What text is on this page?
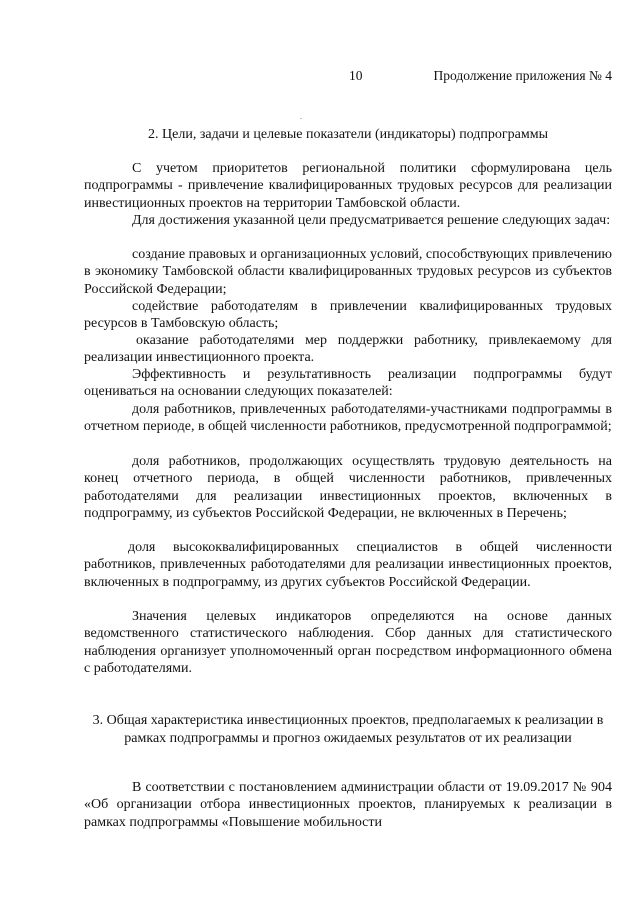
10	Продолжение приложения № 4
.
2. Цели, задачи и целевые показатели (индикаторы) подпрограммы
С учетом приоритетов региональной политики сформулирована цель подпрограммы - привлечение квалифицированных трудовых ресурсов для реализации инвестиционных проектов на территории Тамбовской области.
Для достижения указанной цели предусматривается решение следующих задач:
создание правовых и организационных условий, способствующих привлечению в экономику Тамбовской области квалифицированных трудовых ресурсов из субъектов Российской Федерации;
содействие работодателям в привлечении квалифицированных трудовых ресурсов в Тамбовскую область;
оказание работодателями мер поддержки работнику, привлекаемому для реализации инвестиционного проекта.
Эффективность и результативность реализации подпрограммы будут оцениваться на основании следующих показателей:
доля работников, привлеченных работодателями-участниками подпрограммы в отчетном периоде, в общей численности работников, предусмотренной подпрограммой;
доля работников, продолжающих осуществлять трудовую деятельность на конец отчетного периода, в общей численности работников, привлеченных работодателями для реализации инвестиционных проектов, включенных в подпрограмму, из субъектов Российской Федерации, не включенных в Перечень;
доля высококвалифицированных специалистов в общей численности работников, привлеченных работодателями для реализации инвестиционных проектов, включенных в подпрограмму, из других субъектов Российской Федерации.
Значения целевых индикаторов определяются на основе данных ведомственного статистического наблюдения. Сбор данных для статистического наблюдения организует уполномоченный орган посредством информационного обмена с работодателями.
3. Общая характеристика инвестиционных проектов, предполагаемых к реализации в рамках подпрограммы и прогноз ожидаемых результатов от их реализации
В соответствии с постановлением администрации области от 19.09.2017 № 904 «Об организации отбора инвестиционных проектов, планируемых к реализации в рамках подпрограммы «Повышение мобильности
